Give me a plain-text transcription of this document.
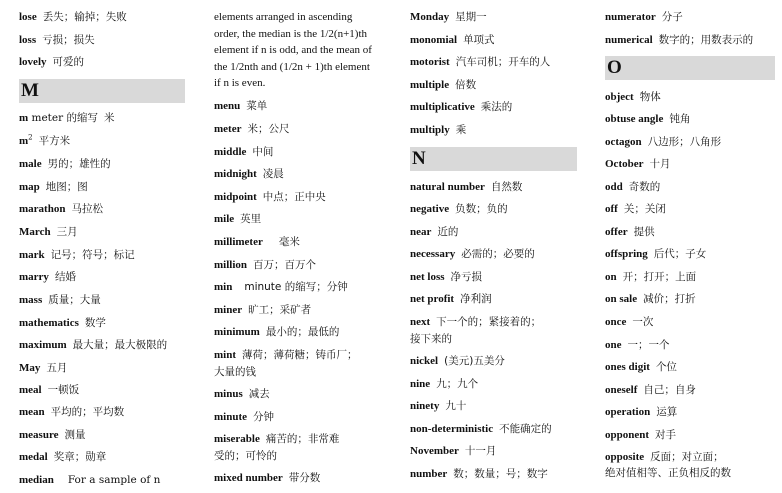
lose 丢失；输掉；失败
loss 亏损；损失
lovely 可爱的
M
m meter 的缩写 米
$m^2$ 平方米
male 男的；雄性的
map 地图；图
marathon 马拉松
March 三月
mark 记号；符号；标记
marry 结婚
mass 质量；大量
mathematics 数学
maximum 最大量；最大极限的
May 五月
meal 一顿饭
mean 平均的；平均数
measure 测量
medal 奖章；勋章
median For a sample of n
elements arranged in ascending
order, the median is the 1/2(n+1)th
element if n is odd, and the mean of
the 1/2nth and (1/2n + 1)th element
if n is even.
menu 菜单
meter 米；公尺
middle 中间
midnight 凌晨
midpoint 中点；正中央
mile 英里
millimeter 毫米
million 百万；百万个
min minute 的缩写；分钟
miner 旷工；采矿者
minimum 最小的；最低的
mint 薄荷；薄荷糖；铸币厂；
大量的钱
minus 减去
minute 分钟
miserable 痛苦的；非常难
受的；可怜的
mixed number 带分数
Monday 星期一
monomial 单项式
motorist 汽车司机；开车的人
multiple 倍数
multiplicative 乘法的
multiply 乘
N
natural number 自然数
negative 负数；负的
near 近的
necessary 必需的；必要的
net loss 净亏损
net profit 净利润
next 下一个的；紧接着的；
接下来的
nickel (美元)五美分
nine 九；九个
ninety 九十
non-deterministic 不能确定的
November 十一月
number 数；数量；号；数字
numerator 分子
numerical 数字的；用数表示的
O
object 物体
obtuse angle 钝角
octagon 八边形；八角形
October 十月
odd 奇数的
off 关；关闭
offer 提供
offspring 后代；子女
on 开；打开；上面
on sale 减价；打折
once 一次
one 一；一个
ones digit 个位
oneself 自己；自身
operation 运算
opponent 对手
opposite 反面；对立面；
绝对值相等、正负相反的数
